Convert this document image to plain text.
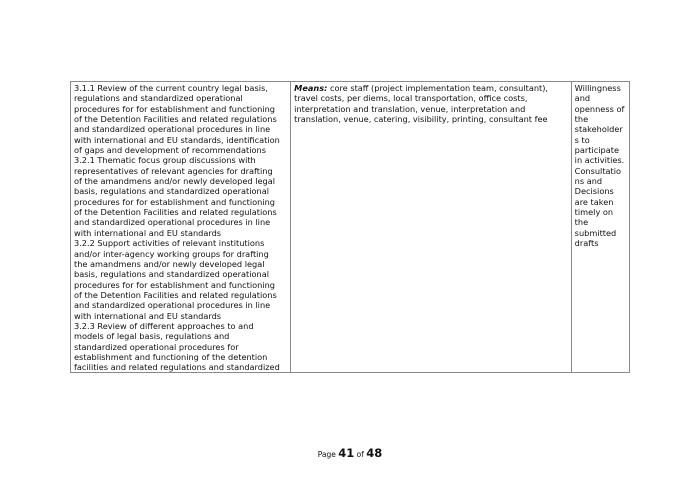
3.1.1 Review of the current country legal basis,
regulations and standardized operational
procedures for for establishment and functioning
of the Detention Facilities and related regulations
and standardized operational procedures in line
with international and EU standards, identification
of gaps and development of recommendations
3.2.1 Thematic focus group discussions with
representatives of relevant agencies for drafting
of the amandmens and/or newly developed legal
basis, regulations and standardized operational
procedures for for establishment and functioning
of the Detention Facilities and related regulations
and standardized operational procedures in line
with international and EU standards
3.2.2 Support activities of relevant institutions
and/or inter-agency working groups for drafting
the amandmens and/or newly developed legal
basis, regulations and standardized operational
procedures for for establishment and functioning
of the Detention Facilities and related regulations
and standardized operational procedures in line
with international and EU standards
3.2.3 Review of different approaches to and
models of legal basis, regulations and
standardized operational procedures for
establishment and functioning of the detention
facilities and related regulations and standardized

Means: core staff (project implementation team, consultant),
travel costs, per diems, local transportation, office costs,
interpretation and translation, venue, interpretation and
translation, venue, catering, visibility, printing, consultant fee

Willingness
and
openness of
the
stakeholder
s to
participate
in activities.
Consultatio
ns and
Decisions
are taken
timely on
the
submitted
drafts
Page 41 of 48
